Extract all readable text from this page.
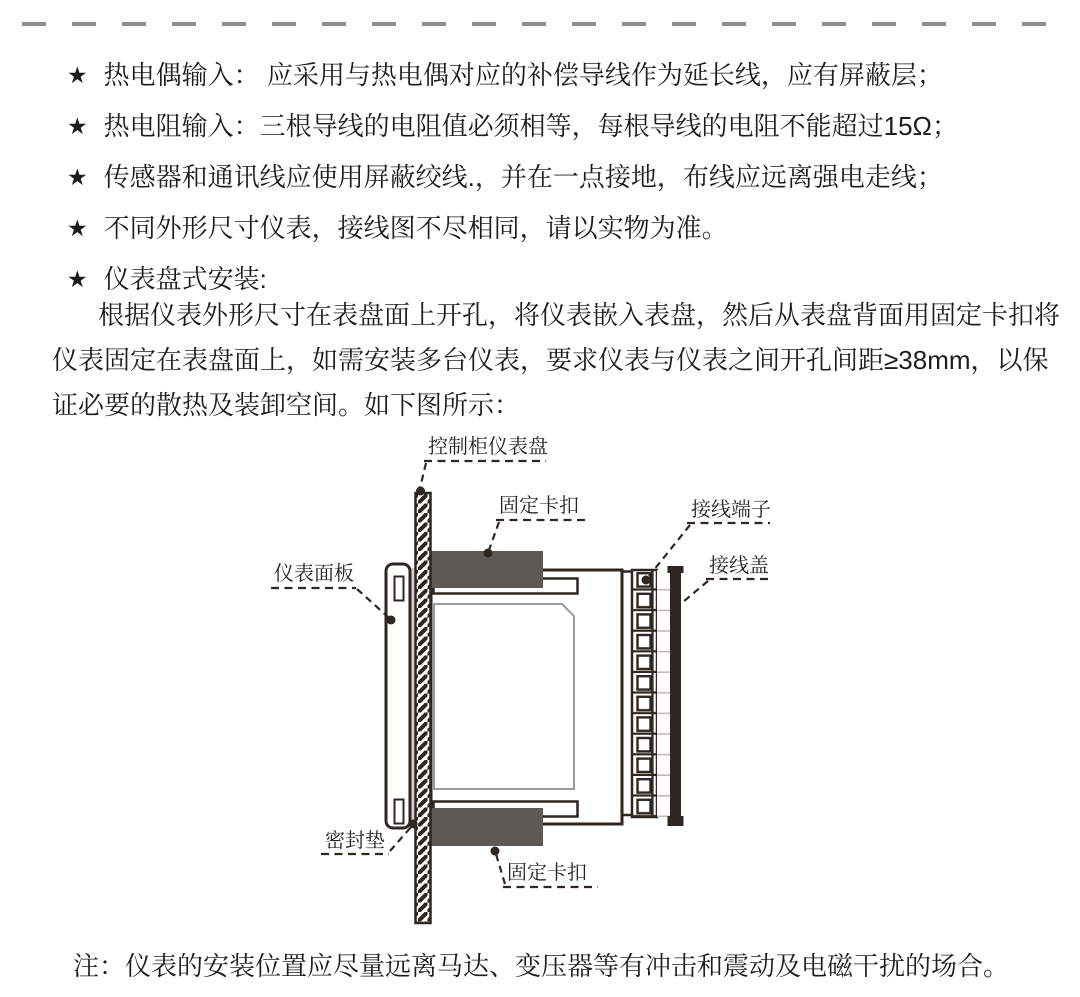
★ 热电偶输入： 应采用与热电偶对应的补偿导线作为延长线，应有屏蔽层；
★ 热电阻输入：三根导线的电阻值必须相等，每根导线的电阻不能超过15Ω；
★ 传感器和通讯线应使用屏蔽绞线.，并在一点接地，布线应远离强电走线；
★ 不同外形尺寸仪表，接线图不尽相同，请以实物为准。
★ 仪表盘式安装:

根据仪表外形尺寸在表盘面上开孔，将仪表嵌入表盘，然后从表盘背面用固定卡扣将仪表固定在表盘面上，如需安装多台仪表，要求仪表与仪表之间开孔间距≥38mm，以保证必要的散热及装卸空间。如下图所示：

控制柜仪表盘
固定卡扣	接线端子
接线盖
仪表面板
密封垫
固定卡扣

注：仪表的安装位置应尽量远离马达、变压器等有冲击和震动及电磁干扰的场合。
